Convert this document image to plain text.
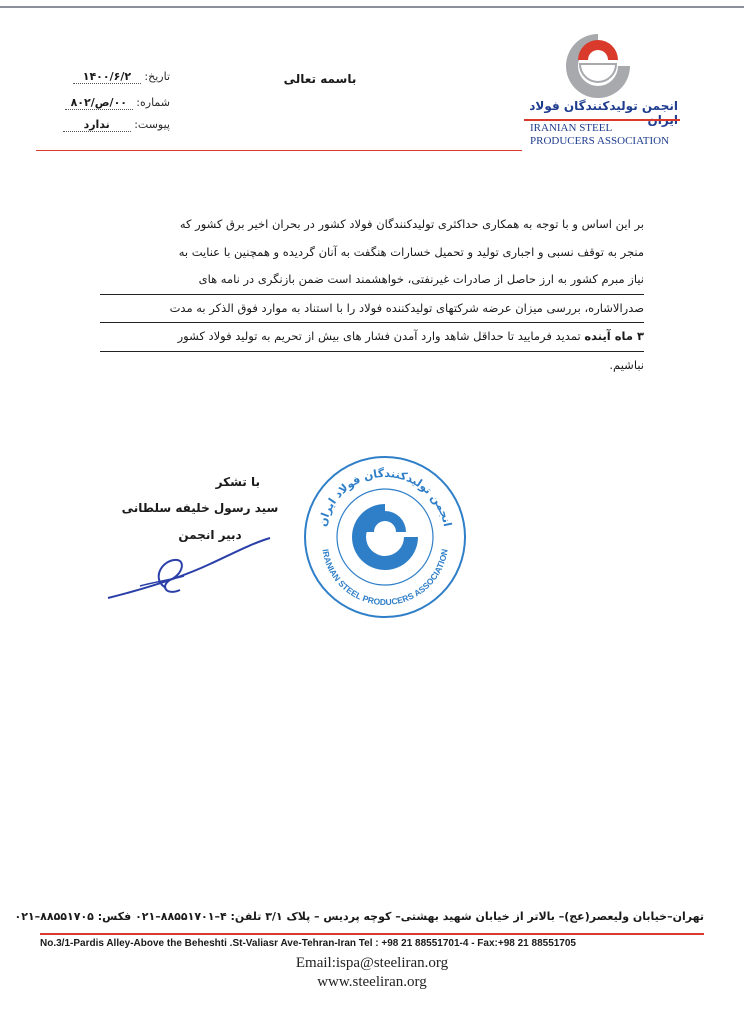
انجمن تولیدکنندگان فولاد
IRANIAN STEEL
PRODUCERS ASSOCIATION
باسمه تعالی
تاریخ: ۱۴۰۰/۶/۲
شماره: ۰۰/ص/۸۰۲
پیوست: ندارد
بر این اساس و با توجه به همکاری حداکثری تولیدکنندگان فولاد کشور در بحران اخیر برق کشور که
منجر به توقف نسبی و اجباری تولید و تحمیل خسارات هنگفت به آنان گردیده و همچنین با عنایت به
نیاز مبرم کشور به ارز حاصل از صادرات غیرنفتی، خواهشمند است ضمن بازنگری در نامه های
صدرالاشاره، بررسی میزان عرضه شرکتهای تولیدکننده فولاد را با استناد به موارد فوق الذکر به مدت
۳ ماه آینده تمدید فرمایید تا حداقل شاهد وارد آمدن فشار های بیش از تحریم به تولید فولاد کشور
نباشیم.
با تشکر
سید رسول خلیفه سلطانی
دبیر انجمن
انجمن تولیدکنندگان فولاد ایران
IRANIAN STEEL PRODUCERS ASSOCIATION
تهران–خیابان ولیعصر(عج)– بالاتر از خیابان شهید بهشتی– کوچه پردیس – پلاک ۳/۱ تلفن: ۴–۸۸۵۵۱۷۰۱–۰۲۱ فکس: ۸۸۵۵۱۷۰۵–۰۲۱
No.3/1-Pardis Alley-Above the Beheshti .St-Valiasr Ave-Tehran-Iran Tel : +98 21 88551701-4 - Fax:+98 21 88551705
Email:ispa@steeliran.org
www.steeliran.org
